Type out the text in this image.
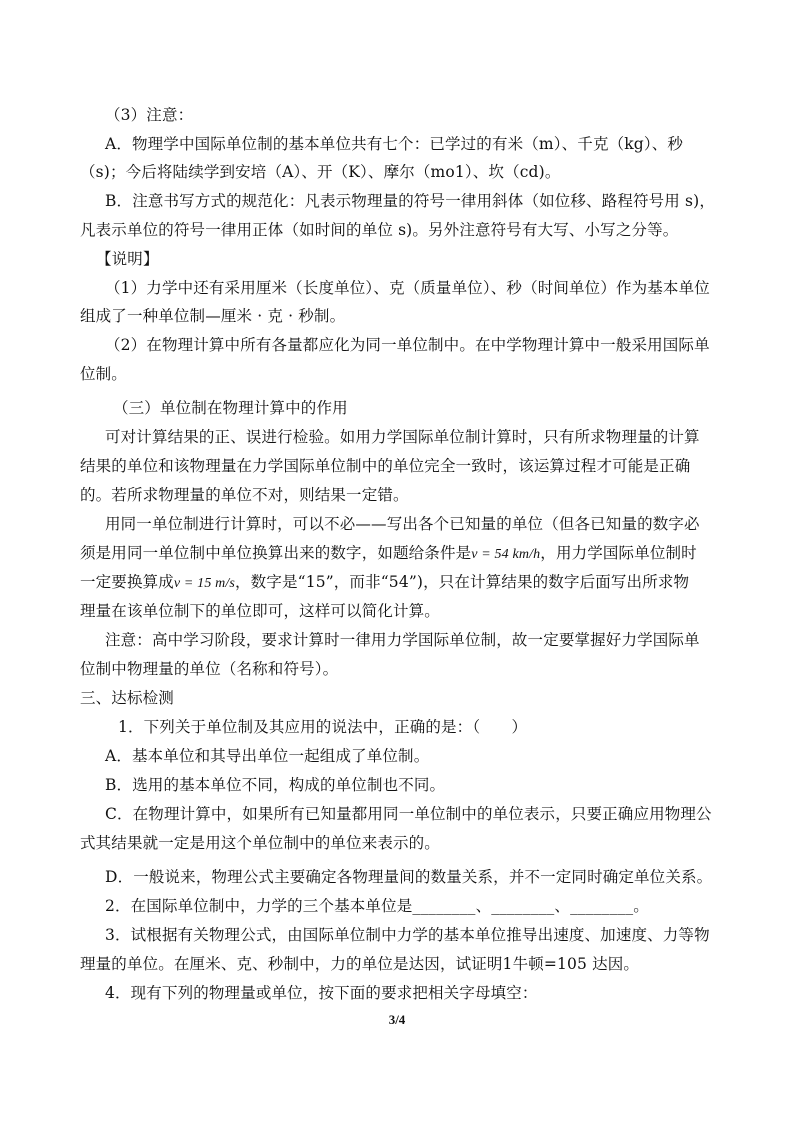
（3）注意：
A．物理学中国际单位制的基本单位共有七个：已学过的有米（m）、千克（kg）、秒
（s)；今后将陆续学到安培（A）、开（K）、摩尔（mo1）、坎（cd)。
B．注意书写方式的规范化：凡表示物理量的符号一律用斜体（如位移、路程符号用 s)，
凡表示单位的符号一律用正体（如时间的单位 s)。另外注意符号有大写、小写之分等。
【说明】
（1）力学中还有采用厘米（长度单位）、克（质量单位）、秒（时间单位）作为基本单位
组成了一种单位制—厘米 · 克 · 秒制。
（2）在物理计算中所有各量都应化为同一单位制中。在中学物理计算中一般采用国际单
位制。
（三）单位制在物理计算中的作用
可对计算结果的正、误进行检验。如用力学国际单位制计算时，只有所求物理量的计算
结果的单位和该物理量在力学国际单位制中的单位完全一致时，该运算过程才可能是正确
的。若所求物理量的单位不对，则结果一定错。
用同一单位制进行计算时，可以不必——写出各个已知量的单位（但各已知量的数字必
须是用同一单位制中单位换算出来的数字，如题给条件是v = 54 km/h，用力学国际单位制时
一定要换算成v = 15 m/s，数字是“15”，而非“54”)，只在计算结果的数字后面写出所求物
理量在该单位制下的单位即可，这样可以简化计算。
注意：高中学习阶段，要求计算时一律用力学国际单位制，故一定要掌握好力学国际单
位制中物理量的单位（名称和符号）。
三、达标检测
1．下列关于单位制及其应用的说法中，正确的是：（　　）
A．基本单位和其导出单位一起组成了单位制。
B．选用的基本单位不同，构成的单位制也不同。
C．在物理计算中，如果所有已知量都用同一单位制中的单位表示，只要正确应用物理公
式其结果就一定是用这个单位制中的单位来表示的。
D．一般说来，物理公式主要确定各物理量间的数量关系，并不一定同时确定单位关系。
2．在国际单位制中，力学的三个基本单位是________、________、________。
3．试根据有关物理公式，由国际单位制中力学的基本单位推导出速度、加速度、力等物
理量的单位。在厘米、克、秒制中，力的单位是达因，试证明1牛顿=105 达因。
4．现有下列的物理量或单位，按下面的要求把相关字母填空：
3/4
